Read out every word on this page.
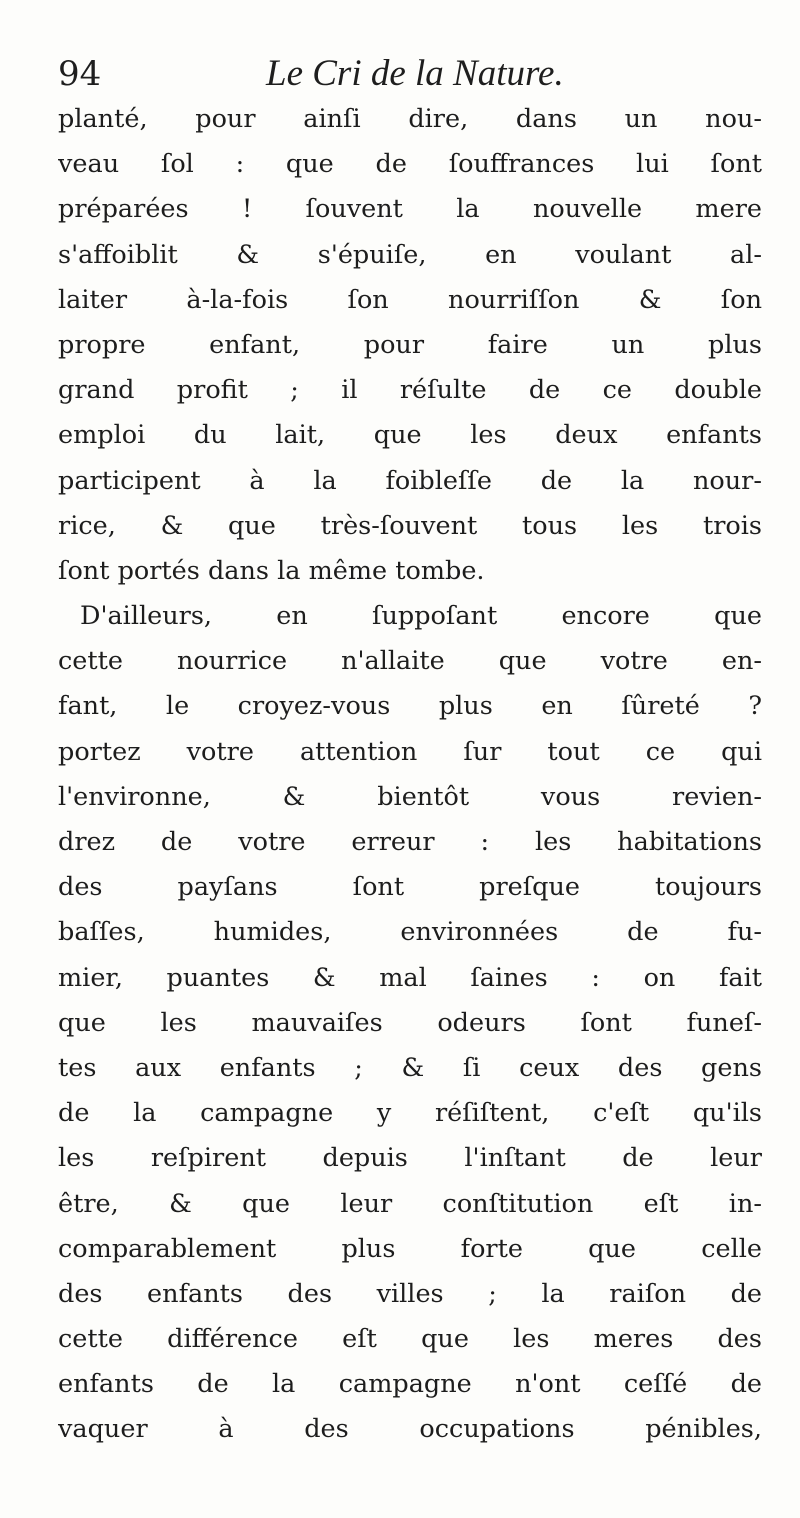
94	Le Cri de la Nature.
planté, pour ainſi dire, dans un nou-
veau ſol : que de ſouffrances lui ſont
préparées ! ſouvent la nouvelle mere
s'affoiblit & s'épuiſe, en voulant al-
laiter à-la-fois ſon nourriſſon & ſon
propre enfant, pour faire un plus
grand profit ; il réſulte de ce double
emploi du lait, que les deux enfants
participent à la foibleſſe de la nour-
rice, & que très-ſouvent tous les trois
ſont portés dans la même tombe.
D'ailleurs, en ſuppoſant encore que
cette nourrice n'allaite que votre en-
fant, le croyez-vous plus en ſûreté ?
portez votre attention ſur tout ce qui
l'environne, & bientôt vous revien-
drez de votre erreur : les habitations
des payſans ſont preſque toujours
baſſes, humides, environnées de fu-
mier, puantes & mal ſaines : on fait
que les mauvaiſes odeurs ſont funeſ-
tes aux enfants ; & ſi ceux des gens
de la campagne y réſiſtent, c'eſt qu'ils
les reſpirent depuis l'inſtant de leur
être, & que leur conſtitution eſt in-
comparablement plus forte que celle
des enfants des villes ; la raiſon de
cette différence eſt que les meres des
enfants de la campagne n'ont ceſſé de
vaquer à des occupations pénibles,
